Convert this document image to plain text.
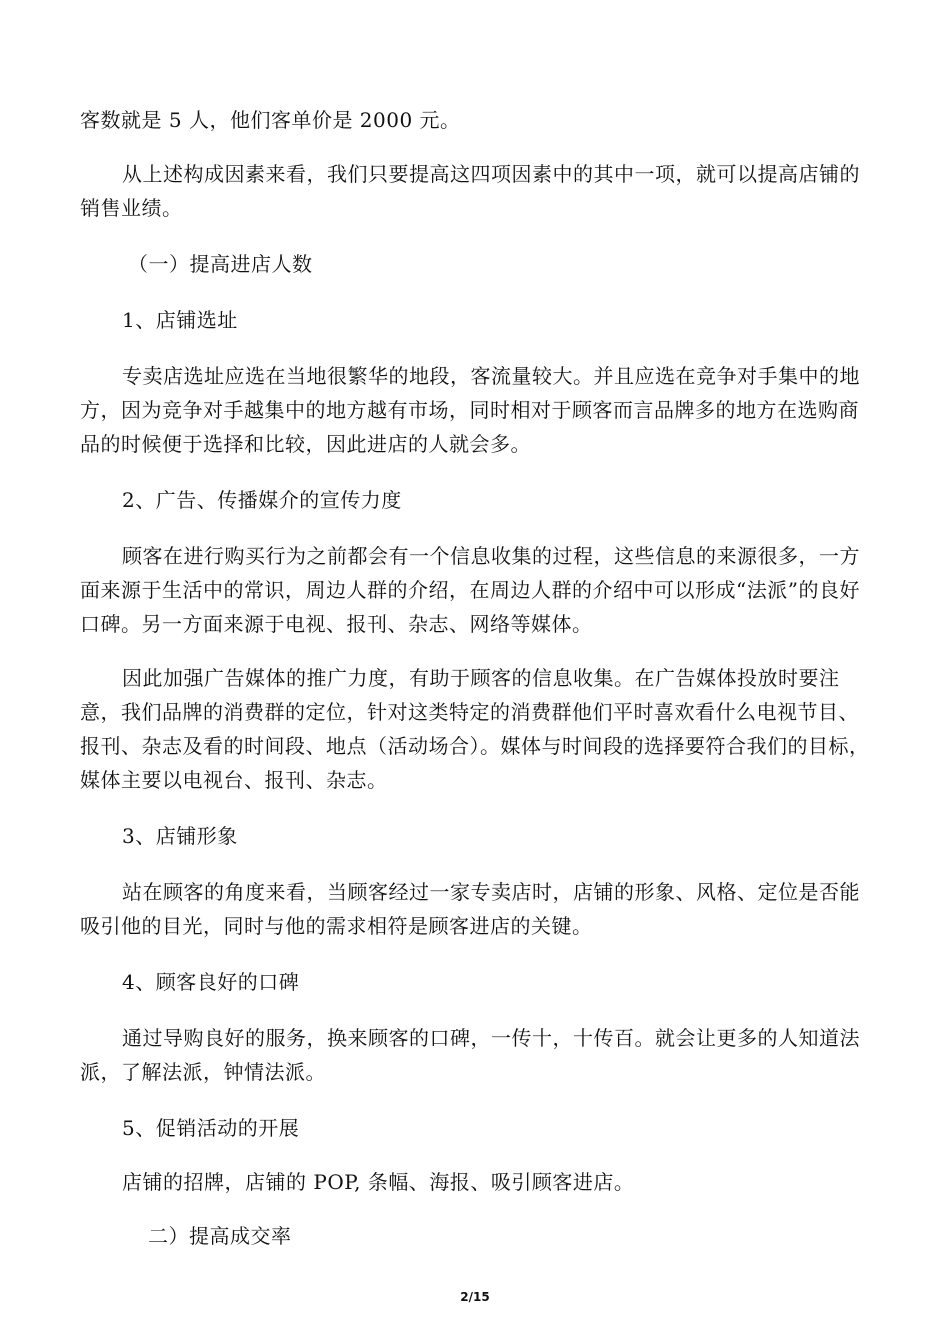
客数就是 5 人，他们客单价是 2000 元。

从上述构成因素来看，我们只要提高这四项因素中的其中一项，就可以提高店铺的销售业绩。

（一）提高进店人数

1、店铺选址

专卖店选址应选在当地很繁华的地段，客流量较大。并且应选在竞争对手集中的地方，因为竞争对手越集中的地方越有市场，同时相对于顾客而言品牌多的地方在选购商品的时候便于选择和比较，因此进店的人就会多。

2、广告、传播媒介的宣传力度

顾客在进行购买行为之前都会有一个信息收集的过程，这些信息的来源很多，一方面来源于生活中的常识，周边人群的介绍，在周边人群的介绍中可以形成“法派”的良好口碑。另一方面来源于电视、报刊、杂志、网络等媒体。

因此加强广告媒体的推广力度，有助于顾客的信息收集。在广告媒体投放时要注意，我们品牌的消费群的定位，针对这类特定的消费群他们平时喜欢看什么电视节目、报刊、杂志及看的时间段、地点（活动场合）。媒体与时间段的选择要符合我们的目标，媒体主要以电视台、报刊、杂志。

3、店铺形象

站在顾客的角度来看，当顾客经过一家专卖店时，店铺的形象、风格、定位是否能吸引他的目光，同时与他的需求相符是顾客进店的关键。

4、顾客良好的口碑

通过导购良好的服务，换来顾客的口碑，一传十，十传百。就会让更多的人知道法派，了解法派，钟情法派。

5、促销活动的开展

店铺的招牌，店铺的 POP, 条幅、海报、吸引顾客进店。

二）提高成交率

2/15
